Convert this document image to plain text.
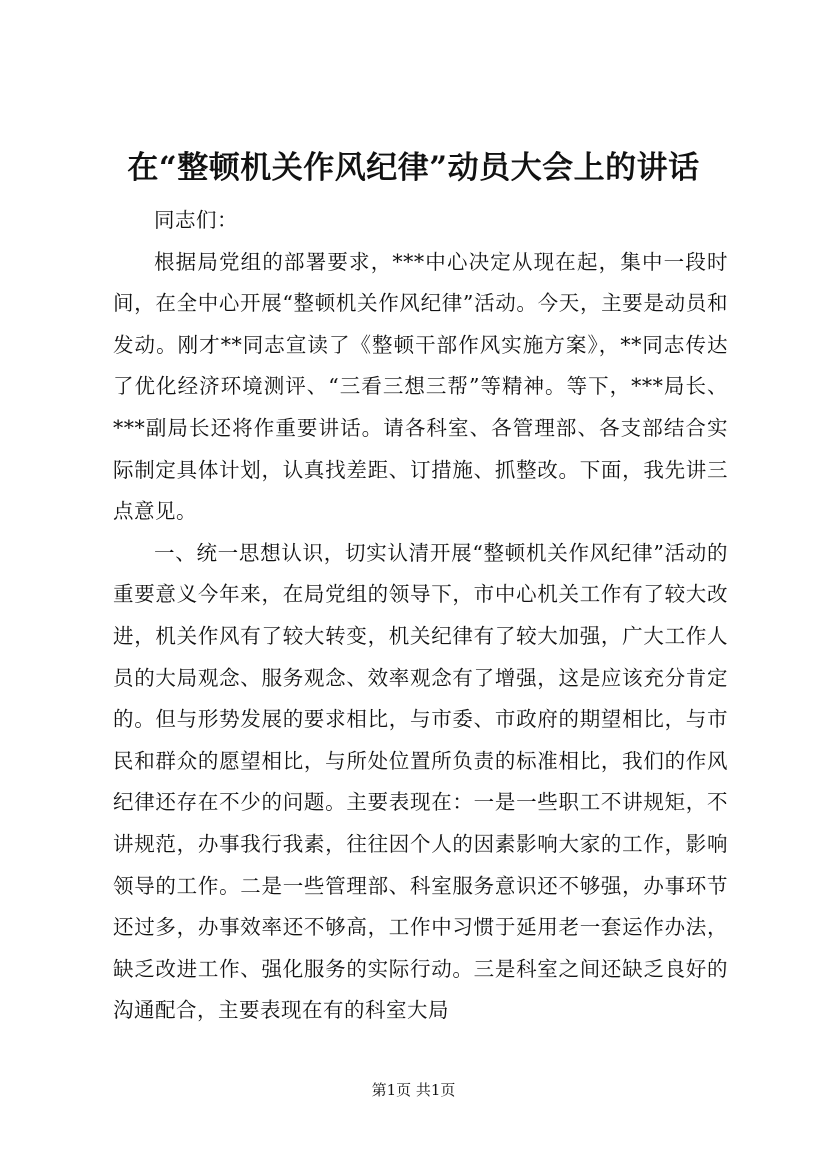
在“整顿机关作风纪律”动员大会上的讲话
同志们：

根据局党组的部署要求，***中心决定从现在起，集中一段时间，在全中心开展“整顿机关作风纪律”活动。今天，主要是动员和发动。刚才**同志宣读了《整顿干部作风实施方案》，**同志传达了优化经济环境测评、“三看三想三帮”等精神。等下，***局长、***副局长还将作重要讲话。请各科室、各管理部、各支部结合实际制定具体计划，认真找差距、订措施、抓整改。下面，我先讲三点意见。

一、统一思想认识，切实认清开展“整顿机关作风纪律”活动的重要意义今年来，在局党组的领导下，市中心机关工作有了较大改进，机关作风有了较大转变，机关纪律有了较大加强，广大工作人员的大局观念、服务观念、效率观念有了增强，这是应该充分肯定的。但与形势发展的要求相比，与市委、市政府的期望相比，与市民和群众的愿望相比，与所处位置所负责的标准相比，我们的作风纪律还存在不少的问题。主要表现在：一是一些职工不讲规矩，不讲规范，办事我行我素，往往因个人的因素影响大家的工作，影响领导的工作。二是一些管理部、科室服务意识还不够强，办事环节还过多，办事效率还不够高，工作中习惯于延用老一套运作办法，缺乏改进工作、强化服务的实际行动。三是科室之间还缺乏良好的沟通配合，主要表现在有的科室大局

第1页 共1页
